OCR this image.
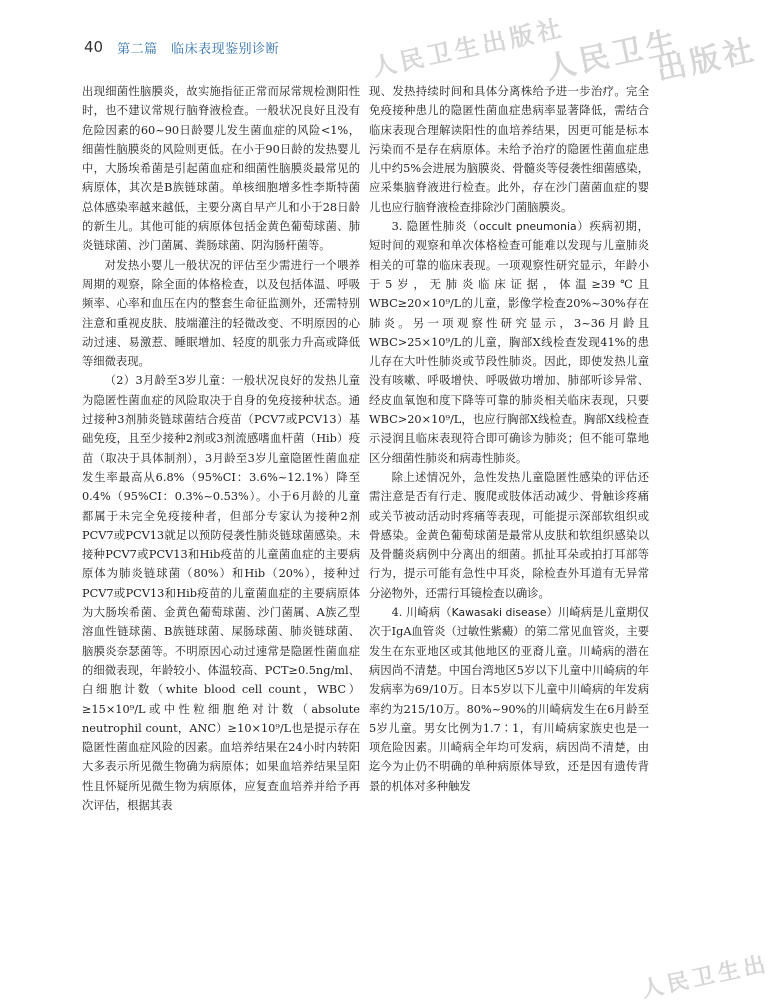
40 第二篇　临床表现鉴别诊断	人民卫生出版社
人民卫生
出版社
人民卫生出

出现细菌性脑膜炎，故实施指征正常而尿常规检测阳性时，也不建议常规行脑脊液检查。一般状况良好且没有危险因素的60~90日龄婴儿发生菌血症的风险<1%，细菌性脑膜炎的风险则更低。在小于90日龄的发热婴儿中，大肠埃希菌是引起菌血症和细菌性脑膜炎最常见的病原体，其次是B族链球菌。单核细胞增多性李斯特菌总体感染率越来越低，主要分离自早产儿和小于28日龄的新生儿。其他可能的病原体包括金黄色葡萄球菌、肺炎链球菌、沙门菌属、粪肠球菌、阴沟肠杆菌等。

对发热小婴儿一般状况的评估至少需进行一个喂养周期的观察，除全面的体格检查，以及包括体温、呼吸频率、心率和血压在内的整套生命征监测外，还需特别注意和重视皮肤、肢端灌注的轻微改变、不明原因的心动过速、易激惹、睡眠增加、轻度的肌张力升高或降低等细微表现。

（2）3月龄至3岁儿童：一般状况良好的发热儿童为隐匿性菌血症的风险取决于自身的免疫接种状态。通过接种3剂肺炎链球菌结合疫苗（PCV7或PCV13）基础免疫，且至少接种2剂或3剂流感嗜血杆菌（Hib）疫苗（取决于具体制剂），3月龄至3岁儿童隐匿性菌血症发生率最高从6.8%（95%CI：3.6%~12.1%）降至0.4%（95%CI：0.3%~0.53%）。小于6月龄的儿童都属于未完全免疫接种者，但部分专家认为接种2剂PCV7或PCV13就足以预防侵袭性肺炎链球菌感染。未接种PCV7或PCV13和Hib疫苗的儿童菌血症的主要病原体为肺炎链球菌（80%）和Hib（20%），接种过PCV7或PCV13和Hib疫苗的儿童菌血症的主要病原体为大肠埃希菌、金黄色葡萄球菌、沙门菌属、A族乙型溶血性链球菌、B族链球菌、屎肠球菌、肺炎链球菌、脑膜炎奈瑟菌等。不明原因心动过速常是隐匿性菌血症的细微表现，年龄较小、体温较高、PCT≥0.5ng/ml、白细胞计数（white blood cell count，WBC）≥15×10⁹/L或中性粒细胞绝对计数（absolute neutrophil count，ANC）≥10×10⁹/L也是提示存在隐匿性菌血症风险的因素。血培养结果在24小时内转阳大多表示所见微生物确为病原体；如果血培养结果呈阳性且怀疑所见微生物为病原体，应复查血培养并给予再次评估，根据其表

现、发热持续时间和具体分离株给予进一步治疗。完全免疫接种患儿的隐匿性菌血症患病率显著降低，需结合临床表现合理解读阳性的血培养结果，因更可能是标本污染而不是存在病原体。未给予治疗的隐匿性菌血症患儿中约5%会进展为脑膜炎、骨髓炎等侵袭性细菌感染，应采集脑脊液进行检查。此外，存在沙门菌菌血症的婴儿也应行脑脊液检查排除沙门菌脑膜炎。

3. 隐匿性肺炎（occult pneumonia）疾病初期，短时间的观察和单次体格检查可能难以发现与儿童肺炎相关的可靠的临床表现。一项观察性研究显示，年龄小于5岁，无肺炎临床证据，体温≥39℃且WBC≥20×10⁹/L的儿童，影像学检查20%~30%存在肺炎。另一项观察性研究显示，3~36月龄且WBC>25×10⁹/L的儿童，胸部X线检查发现41%的患儿存在大叶性肺炎或节段性肺炎。因此，即使发热儿童没有咳嗽、呼吸增快、呼吸做功增加、肺部听诊异常、经皮血氧饱和度下降等可靠的肺炎相关临床表现，只要WBC>20×10⁹/L，也应行胸部X线检查。胸部X线检查示浸润且临床表现符合即可确诊为肺炎；但不能可靠地区分细菌性肺炎和病毒性肺炎。

除上述情况外，急性发热儿童隐匿性感染的评估还需注意是否有行走、腹爬或肢体活动减少、骨触诊疼痛或关节被动活动时疼痛等表现，可能提示深部软组织或骨感染。金黄色葡萄球菌是最常从皮肤和软组织感染以及骨髓炎病例中分离出的细菌。抓扯耳朵或拍打耳部等行为，提示可能有急性中耳炎，除检查外耳道有无异常分泌物外，还需行耳镜检查以确诊。

4. 川崎病（Kawasaki disease）川崎病是儿童期仅次于IgA血管炎（过敏性紫癜）的第二常见血管炎，主要发生在东亚地区或其他地区的亚裔儿童。川崎病的潜在病因尚不清楚。中国台湾地区5岁以下儿童中川崎病的年发病率为69/10万。日本5岁以下儿童中川崎病的年发病率约为215/10万。80%~90%的川崎病发生在6月龄至5岁儿童。男女比例为1.7∶1，有川崎病家族史也是一项危险因素。川崎病全年均可发病，病因尚不清楚，由迄今为止仍不明确的单种病原体导致，还是因有遗传背景的机体对多种触发
